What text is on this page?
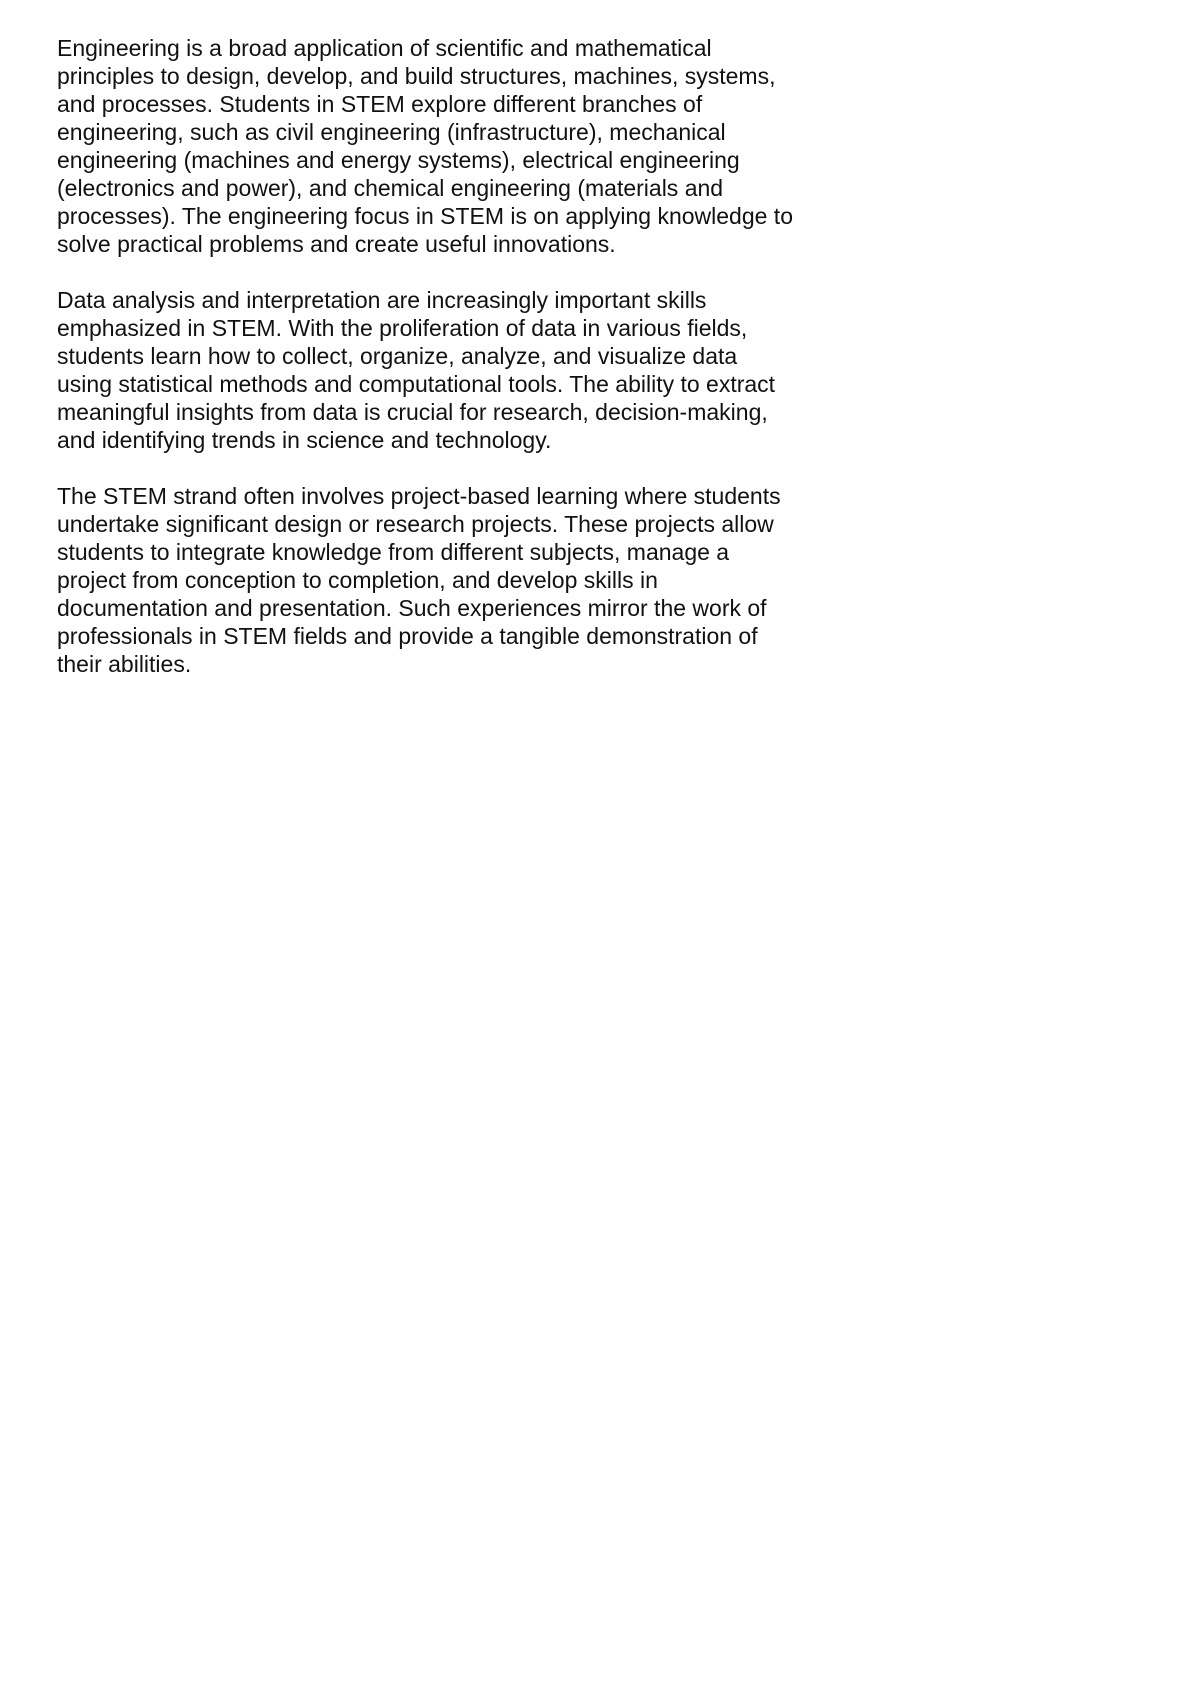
Engineering is a broad application of scientific and mathematical
principles to design, develop, and build structures, machines, systems,
and processes. Students in STEM explore different branches of
engineering, such as civil engineering (infrastructure), mechanical
engineering (machines and energy systems), electrical engineering
(electronics and power), and chemical engineering (materials and
processes). The engineering focus in STEM is on applying knowledge to
solve practical problems and create useful innovations.

Data analysis and interpretation are increasingly important skills
emphasized in STEM. With the proliferation of data in various fields,
students learn how to collect, organize, analyze, and visualize data
using statistical methods and computational tools. The ability to extract
meaningful insights from data is crucial for research, decision-making,
and identifying trends in science and technology.

The STEM strand often involves project-based learning where students
undertake significant design or research projects. These projects allow
students to integrate knowledge from different subjects, manage a
project from conception to completion, and develop skills in
documentation and presentation. Such experiences mirror the work of
professionals in STEM fields and provide a tangible demonstration of
their abilities.
